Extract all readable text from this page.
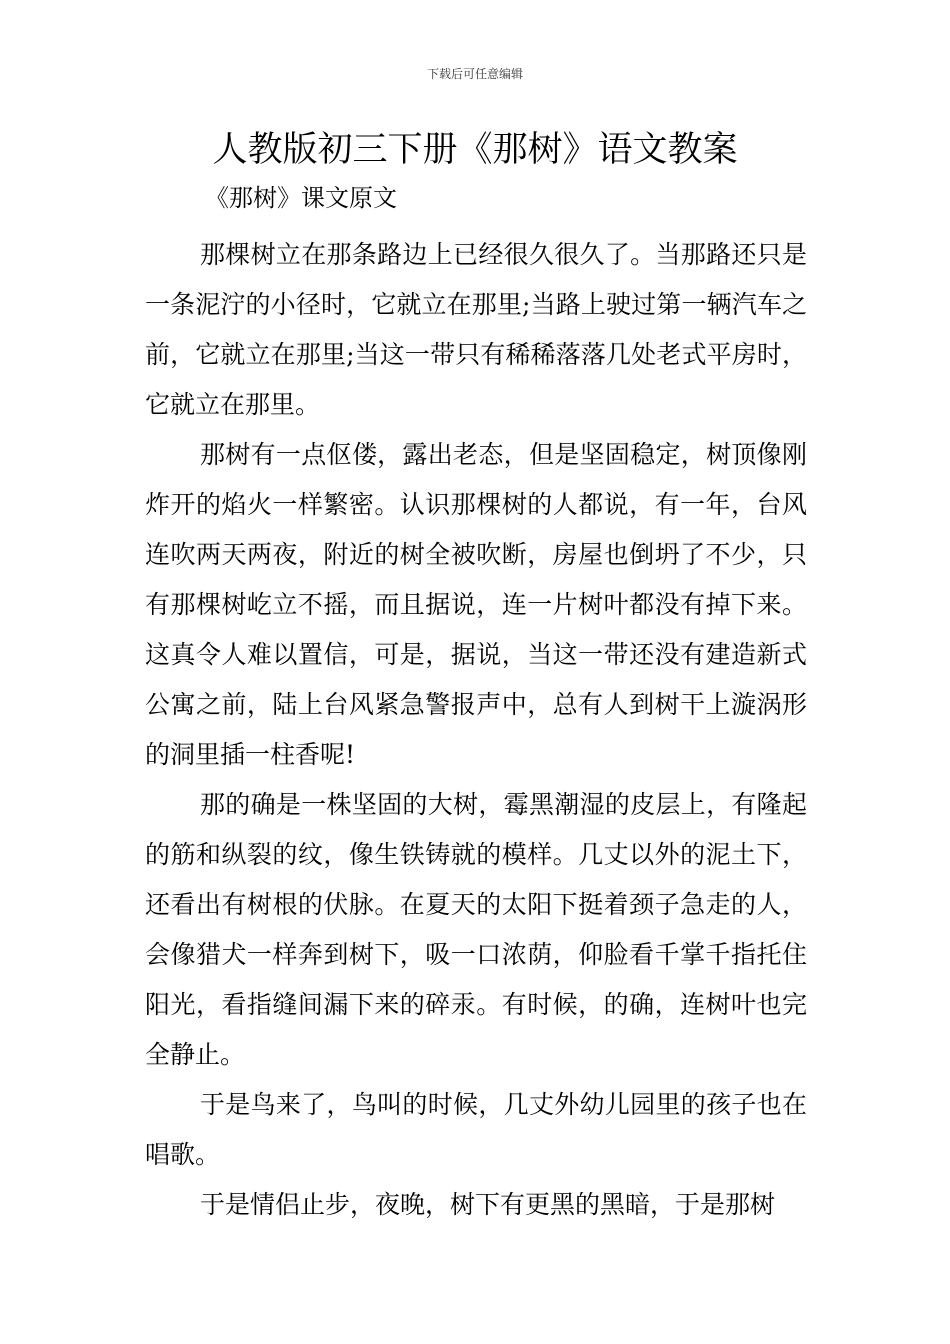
下载后可任意编辑
人教版初三下册《那树》语文教案
《那树》课文原文

那棵树立在那条路边上已经很久很久了。当那路还只是一条泥泞的小径时，它就立在那里;当路上驶过第一辆汽车之前，它就立在那里;当这一带只有稀稀落落几处老式平房时，它就立在那里。

那树有一点伛偻，露出老态，但是坚固稳定，树顶像刚炸开的焰火一样繁密。认识那棵树的人都说，有一年，台风连吹两天两夜，附近的树全被吹断，房屋也倒坍了不少，只有那棵树屹立不摇，而且据说，连一片树叶都没有掉下来。这真令人难以置信，可是，据说，当这一带还没有建造新式公寓之前，陆上台风紧急警报声中，总有人到树干上漩涡形的洞里插一柱香呢!

那的确是一株坚固的大树，霉黑潮湿的皮层上，有隆起的筋和纵裂的纹，像生铁铸就的模样。几丈以外的泥土下，还看出有树根的伏脉。在夏天的太阳下挺着颈子急走的人，会像猎犬一样奔到树下，吸一口浓荫，仰脸看千掌千指托住阳光，看指缝间漏下来的碎汞。有时候，的确，连树叶也完全静止。

于是鸟来了，鸟叫的时候，几丈外幼儿园里的孩子也在唱歌。

于是情侣止步，夜晚，树下有更黑的黑暗，于是那树
